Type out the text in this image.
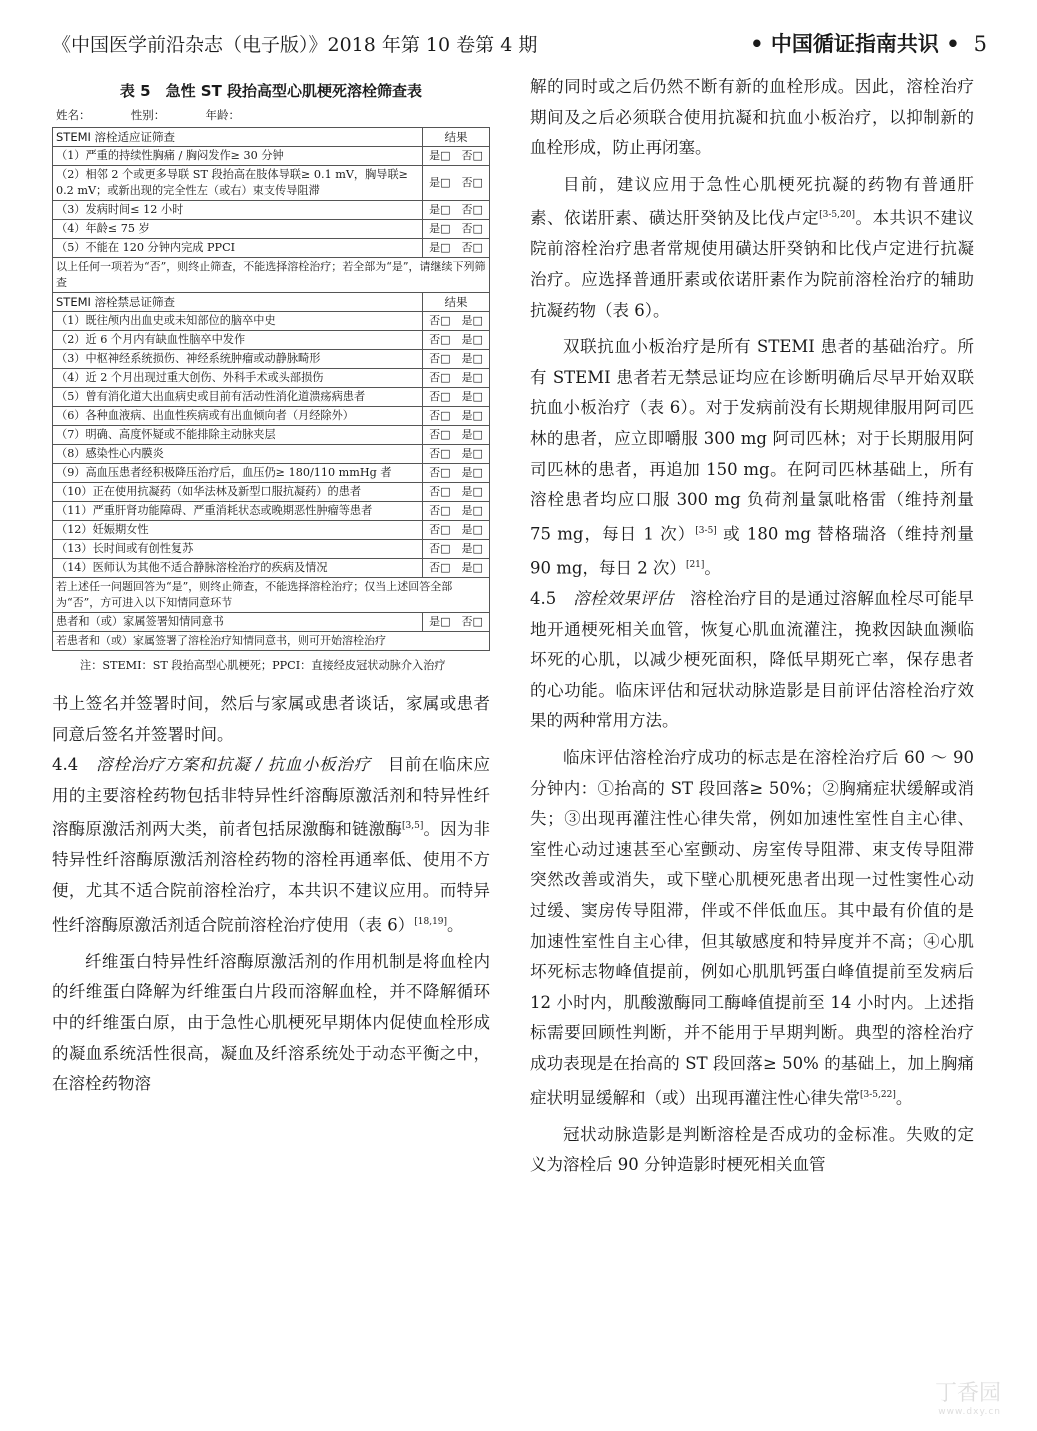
《中国医学前沿杂志（电子版）》2018 年第 10 卷第 4 期	• 中国循证指南共识 • 5
表 5　急性 ST 段抬高型心肌梗死溶栓筛查表
姓名：　　　　性别：　　　　年龄：
STEMI 溶栓适应证筛查	结果
（1）严重的持续性胸痛 / 胸闷发作≥ 30 分钟	是□　否□
（2）相邻 2 个或更多导联 ST 段抬高在肢体导联≥ 0.1 mV，胸导联≥ 0.2 mV；或新出现的完全性左（或右）束支传导阻滞	是□　否□
（3）发病时间≤ 12 小时	是□　否□
（4）年龄≤ 75 岁	是□　否□
（5）不能在 120 分钟内完成 PPCI	是□　否□
以上任何一项若为“否”，则终止筛查，不能选择溶栓治疗；若全部为“是”，请继续下列筛查	
STEMI 溶栓禁忌证筛查	结果
（1）既往颅内出血史或未知部位的脑卒中史	否□　是□
（2）近 6 个月内有缺血性脑卒中发作	否□　是□
（3）中枢神经系统损伤、神经系统肿瘤或动静脉畸形	否□　是□
（4）近 2 个月出现过重大创伤、外科手术或头部损伤	否□　是□
（5）曾有消化道大出血病史或目前有活动性消化道溃疡病患者	否□　是□
（6）各种血液病、出血性疾病或有出血倾向者（月经除外）	否□　是□
（7）明确、高度怀疑或不能排除主动脉夹层	否□　是□
（8）感染性心内膜炎	否□　是□
（9）高血压患者经积极降压治疗后，血压仍≥ 180/110 mmHg 者	否□　是□
（10）正在使用抗凝药（如华法林及新型口服抗凝药）的患者	否□　是□
（11）严重肝肾功能障碍、严重消耗状态或晚期恶性肿瘤等患者	否□　是□
（12）妊娠期女性	否□　是□
（13）长时间或有创性复苏	否□　是□
（14）医师认为其他不适合静脉溶栓治疗的疾病及情况	否□　是□
若上述任一问题回答为“是”，则终止筛查，不能选择溶栓治疗；仅当上述回答全部为“否”，方可进入以下知情同意环节	
患者和（或）家属签署知情同意书	是□　否□
若患者和（或）家属签署了溶栓治疗知情同意书，则可开始溶栓治疗	
注：STEMI：ST 段抬高型心肌梗死；PPCI：直接经皮冠状动脉介入治疗

书上签名并签署时间，然后与家属或患者谈话，家属或患者同意后签名并签署时间。

4.4　溶栓治疗方案和抗凝 / 抗血小板治疗　目前在临床应用的主要溶栓药物包括非特异性纤溶酶原激活剂和特异性纤溶酶原激活剂两大类，前者包括尿激酶和链激酶[3,5]。因为非特异性纤溶酶原激活剂溶栓药物的溶栓再通率低、使用不方便，尤其不适合院前溶栓治疗，本共识不建议应用。而特异性纤溶酶原激活剂适合院前溶栓治疗使用（表 6）[18,19]。

纤维蛋白特异性纤溶酶原激活剂的作用机制是将血栓内的纤维蛋白降解为纤维蛋白片段而溶解血栓，并不降解循环中的纤维蛋白原，由于急性心肌梗死早期体内促使血栓形成的凝血系统活性很高，凝血及纤溶系统处于动态平衡之中，在溶栓药物溶

解的同时或之后仍然不断有新的血栓形成。因此，溶栓治疗期间及之后必须联合使用抗凝和抗血小板治疗，以抑制新的血栓形成，防止再闭塞。

目前，建议应用于急性心肌梗死抗凝的药物有普通肝素、依诺肝素、磺达肝癸钠及比伐卢定[3-5,20]。本共识不建议院前溶栓治疗患者常规使用磺达肝癸钠和比伐卢定进行抗凝治疗。应选择普通肝素或依诺肝素作为院前溶栓治疗的辅助抗凝药物（表 6）。

双联抗血小板治疗是所有 STEMI 患者的基础治疗。所有 STEMI 患者若无禁忌证均应在诊断明确后尽早开始双联抗血小板治疗（表 6）。对于发病前没有长期规律服用阿司匹林的患者，应立即嚼服 300 mg 阿司匹林；对于长期服用阿司匹林的患者，再追加 150 mg。在阿司匹林基础上，所有溶栓患者均应口服 300 mg 负荷剂量氯吡格雷（维持剂量 75 mg，每日 1 次）[3-5] 或 180 mg 替格瑞洛（维持剂量 90 mg，每日 2 次）[21]。

4.5　溶栓效果评估　溶栓治疗目的是通过溶解血栓尽可能早地开通梗死相关血管，恢复心肌血流灌注，挽救因缺血濒临坏死的心肌，以减少梗死面积，降低早期死亡率，保存患者的心功能。临床评估和冠状动脉造影是目前评估溶栓治疗效果的两种常用方法。

临床评估溶栓治疗成功的标志是在溶栓治疗后 60 ～ 90 分钟内：①抬高的 ST 段回落≥ 50%；②胸痛症状缓解或消失；③出现再灌注性心律失常，例如加速性室性自主心律、室性心动过速甚至心室颤动、房室传导阻滞、束支传导阻滞突然改善或消失，或下壁心肌梗死患者出现一过性窦性心动过缓、窦房传导阻滞，伴或不伴低血压。其中最有价值的是加速性室性自主心律，但其敏感度和特异度并不高；④心肌坏死标志物峰值提前，例如心肌肌钙蛋白峰值提前至发病后 12 小时内，肌酸激酶同工酶峰值提前至 14 小时内。上述指标需要回顾性判断，并不能用于早期判断。典型的溶栓治疗成功表现是在抬高的 ST 段回落≥ 50% 的基础上，加上胸痛症状明显缓解和（或）出现再灌注性心律失常[3-5,22]。

冠状动脉造影是判断溶栓是否成功的金标准。失败的定义为溶栓后 90 分钟造影时梗死相关血管

丁香园
www.dxy.cn
